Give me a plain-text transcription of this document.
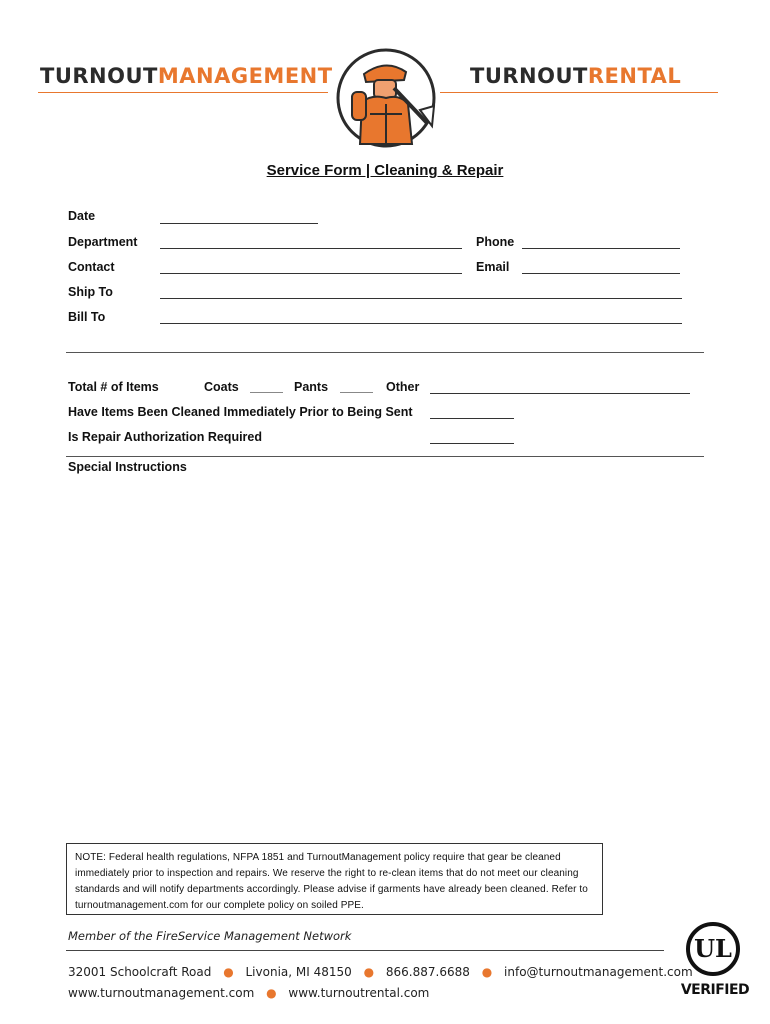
TURNOUTMANAGEMENT	TURNOUTRENTAL
Service Form | Cleaning & Repair
Date
Department	Phone
Contact	Email
Ship To
Bill To
Total # of Items	Coats _____ Pants _____ Other
Have Items Been Cleaned Immediately Prior to Being Sent
Is Repair Authorization Required
Special Instructions
NOTE: Federal health regulations, NFPA 1851 and TurnoutManagement policy require that gear be cleaned immediately prior to inspection and repairs. We reserve the right to re-clean items that do not meet our cleaning standards and will notify departments accordingly. Please advise if garments have already been cleaned. Refer to turnoutmanagement.com for our complete policy on soiled PPE.
Member of the FireService Management Network
32001 Schoolcraft Road ● Livonia, MI 48150 ● 866.887.6688 ● info@turnoutmanagement.com
www.turnoutmanagement.com ● www.turnoutrental.com
UL
VERIFIED
